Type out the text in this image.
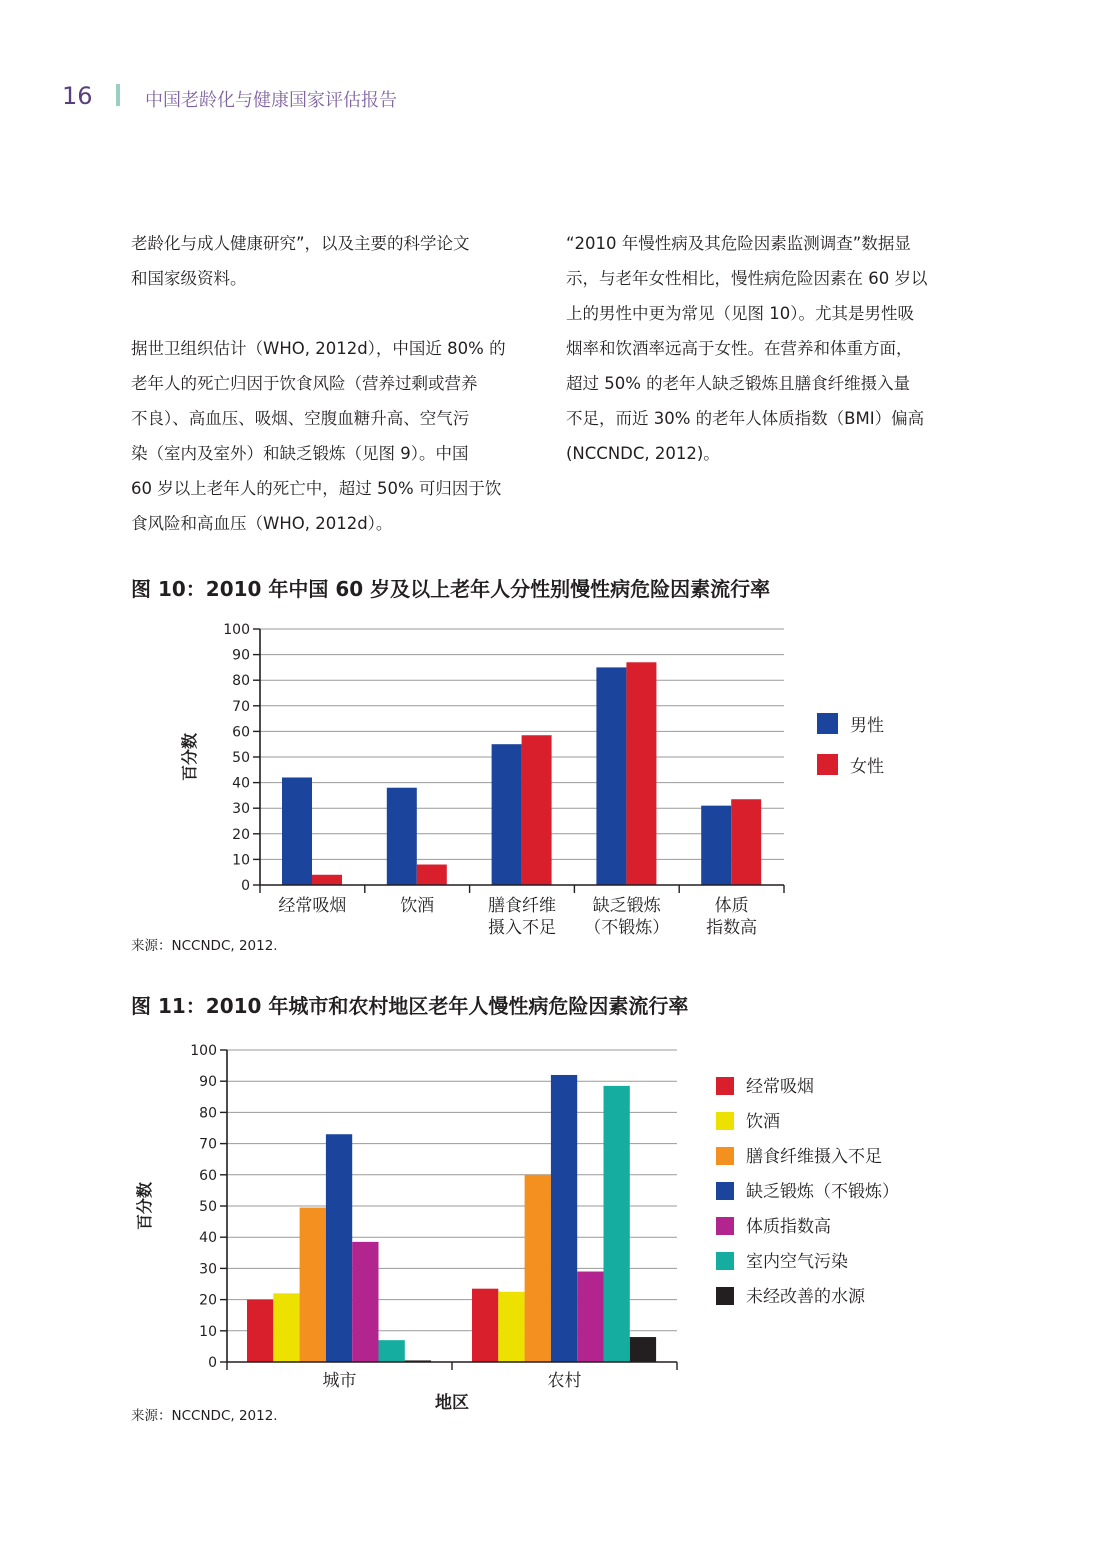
16	中国老龄化与健康国家评估报告

老龄化与成人健康研究”，以及主要的科学论文
和国家级资料。

据世卫组织估计（WHO, 2012d），中国近 80% 的
老年人的死亡归因于饮食风险（营养过剩或营养
不良）、高血压、吸烟、空腹血糖升高、空气污
染（室内及室外）和缺乏锻炼（见图 9）。中国
60 岁以上老年人的死亡中，超过 50% 可归因于饮
食风险和高血压（WHO, 2012d）。

“2010 年慢性病及其危险因素监测调查”数据显
示，与老年女性相比，慢性病危险因素在 60 岁以
上的男性中更为常见（见图 10）。尤其是男性吸
烟率和饮酒率远高于女性。在营养和体重方面，
超过 50% 的老年人缺乏锻炼且膳食纤维摄入量
不足，而近 30% 的老年人体质指数（BMI）偏高
(NCCNDC, 2012)。

图 10：2010 年中国 60 岁及以上老年人分性别慢性病危险因素流行率
来源：NCCNDC, 2012.
图 11：2010 年城市和农村地区老年人慢性病危险因素流行率
来源：NCCNDC, 2012.
0
10
20
30
40
50
60
70
80
90
100
经常吸烟	饮酒	膳食纤维
摄入不足
缺乏锻炼
（不锻炼）
体质
指数高
百分数
男性
女性
0
10
20
30
40
50
60
70
80
90
100
城市	农村
百分数
地区
经常吸烟
饮酒
膳食纤维摄入不足
缺乏锻炼（不锻炼）
体质指数高
室内空气污染
未经改善的水源
